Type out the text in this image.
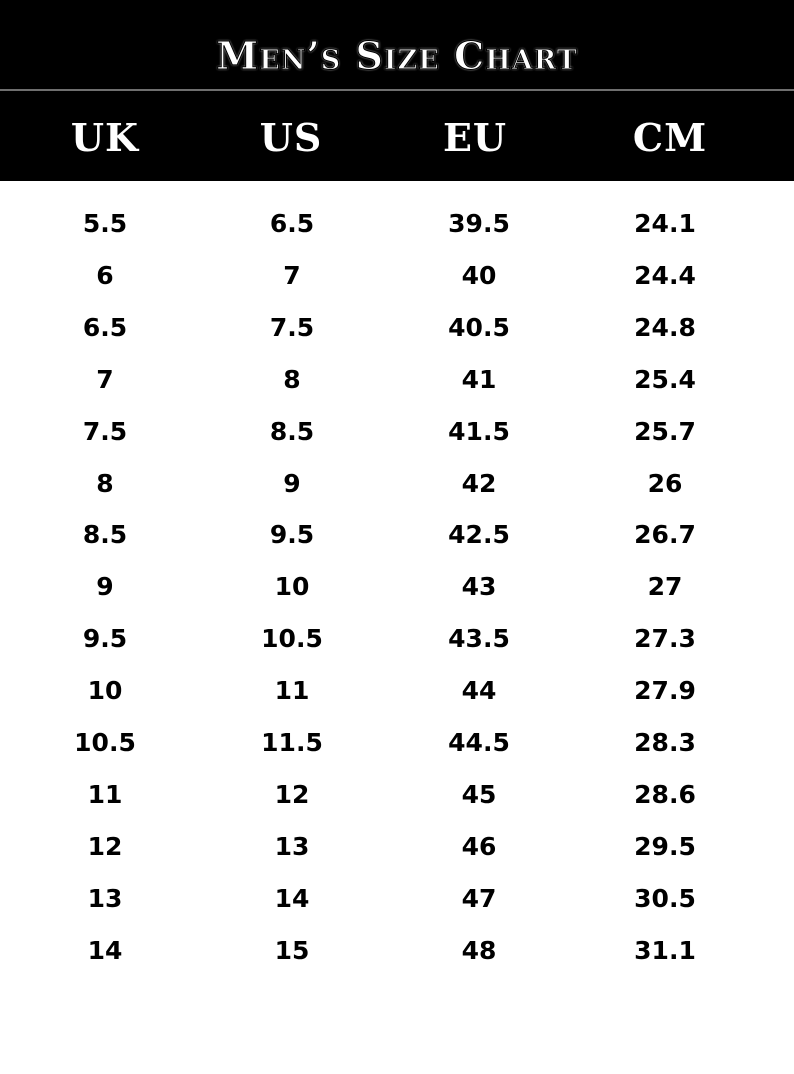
Men’s Size Chart
UK	US	EU	CM
5.5	6.5	39.5	24.1
6	7	40	24.4
6.5	7.5	40.5	24.8
7	8	41	25.4
7.5	8.5	41.5	25.7
8	9	42	26
8.5	9.5	42.5	26.7
9	10	43	27
9.5	10.5	43.5	27.3
10	11	44	27.9
10.5	11.5	44.5	28.3
11	12	45	28.6
12	13	46	29.5
13	14	47	30.5
14	15	48	31.1
